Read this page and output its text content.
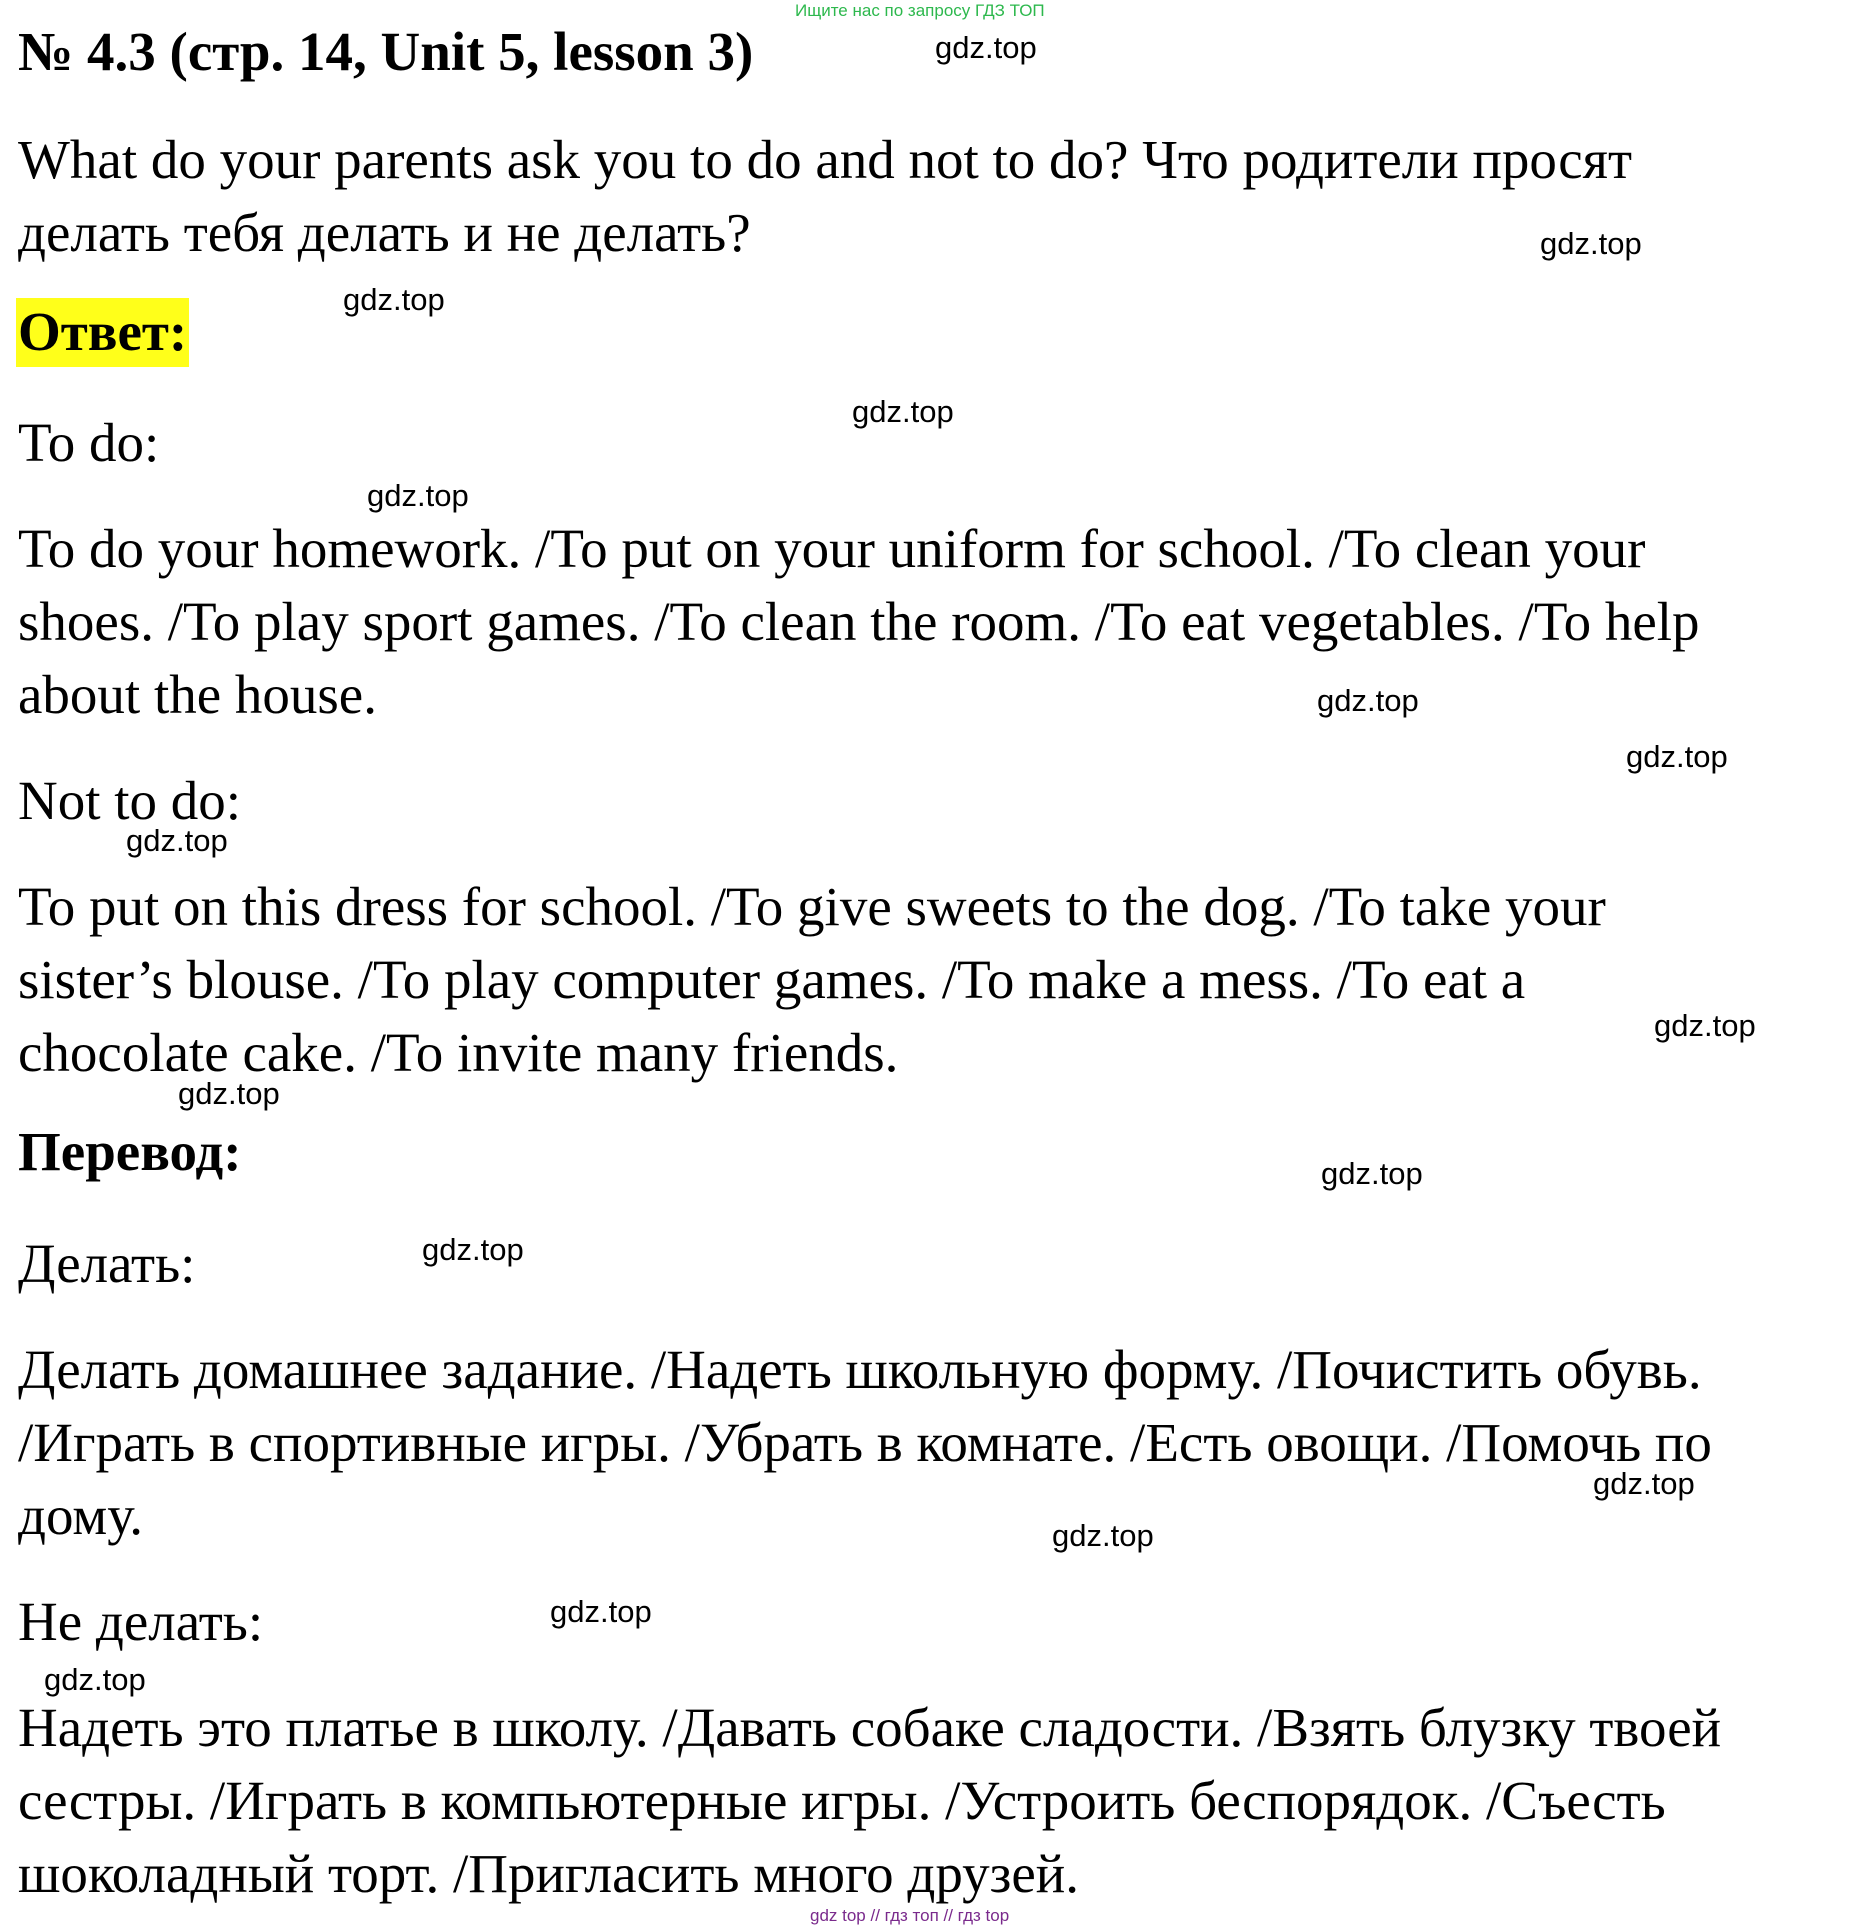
Ищите нас по запросу ГДЗ ТОП
№ 4.3 (стр. 14, Unit 5, lesson 3)
What do your parents ask you to do and not to do? Что родители просят
делать тебя делать и не делать?
Ответ:
To do:
To do your homework. /To put on your uniform for school. /To clean your
shoes. /To play sport games. /To clean the room. /To eat vegetables. /To help
about the house.
Not to do:
To put on this dress for school. /To give sweets to the dog. /To take your
sister’s blouse. /To play computer games. /To make a mess. /To eat a
chocolate cake. /To invite many friends.
Перевод:
Делать:
Делать домашнее задание. /Надеть школьную форму. /Почистить обувь.
/Играть в спортивные игры. /Убрать в комнате. /Есть овощи. /Помочь по
дому.
Не делать:
Надеть это платье в школу. /Давать собаке сладости. /Взять блузку твоей
сестры. /Играть в компьютерные игры. /Устроить беспорядок. /Съесть
шоколадный торт. /Пригласить много друзей.
gdz.top
gdz.top
gdz.top
gdz.top
gdz.top
gdz.top
gdz.top
gdz.top
gdz.top
gdz.top
gdz.top
gdz.top
gdz.top
gdz.top
gdz.top
gdz.top
gdz top // гдз топ // гдз top
